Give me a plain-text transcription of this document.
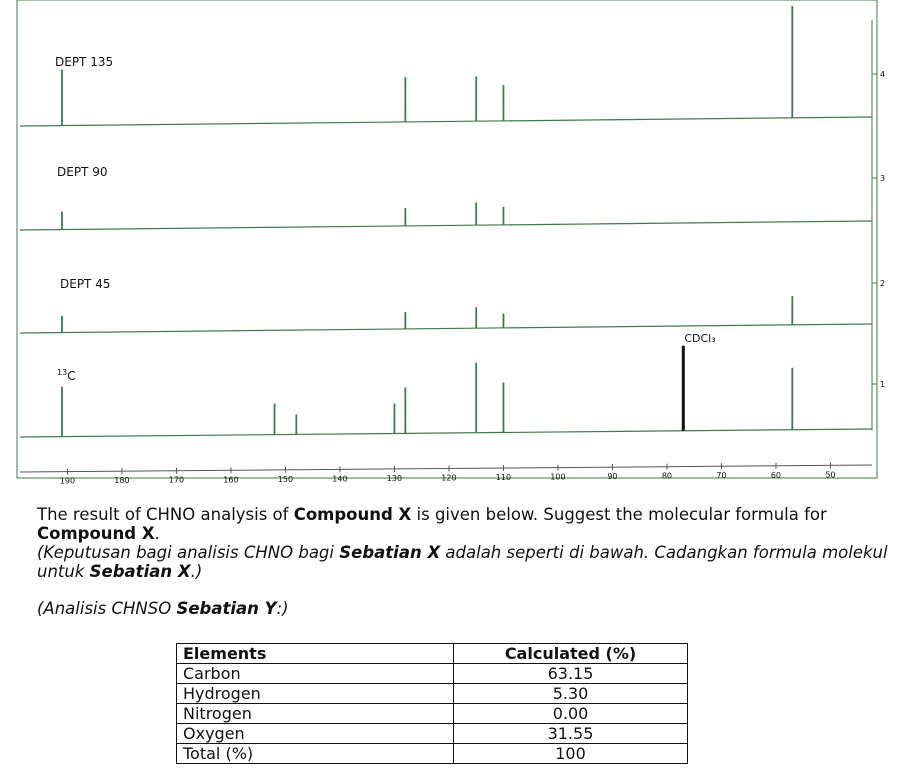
190	180	170	160	150	140	130	120	110	100	90	80	70	60	50
4
3
2
1
DEPT 135
DEPT 90
DEPT 45
$^{13}$C
CDCl₃

The result of CHNO analysis of Compound X is given below. Suggest the molecular formula for Compound X.

(Keputusan bagi analisis CHNO bagi Sebatian X adalah seperti di bawah. Cadangkan formula molekul untuk Sebatian X.)

(Analisis CHNSO Sebatian Y:)

Elements	Calculated (%)
Carbon	63.15
Hydrogen	5.30
Nitrogen	0.00
Oxygen	31.55
Total (%)	100
